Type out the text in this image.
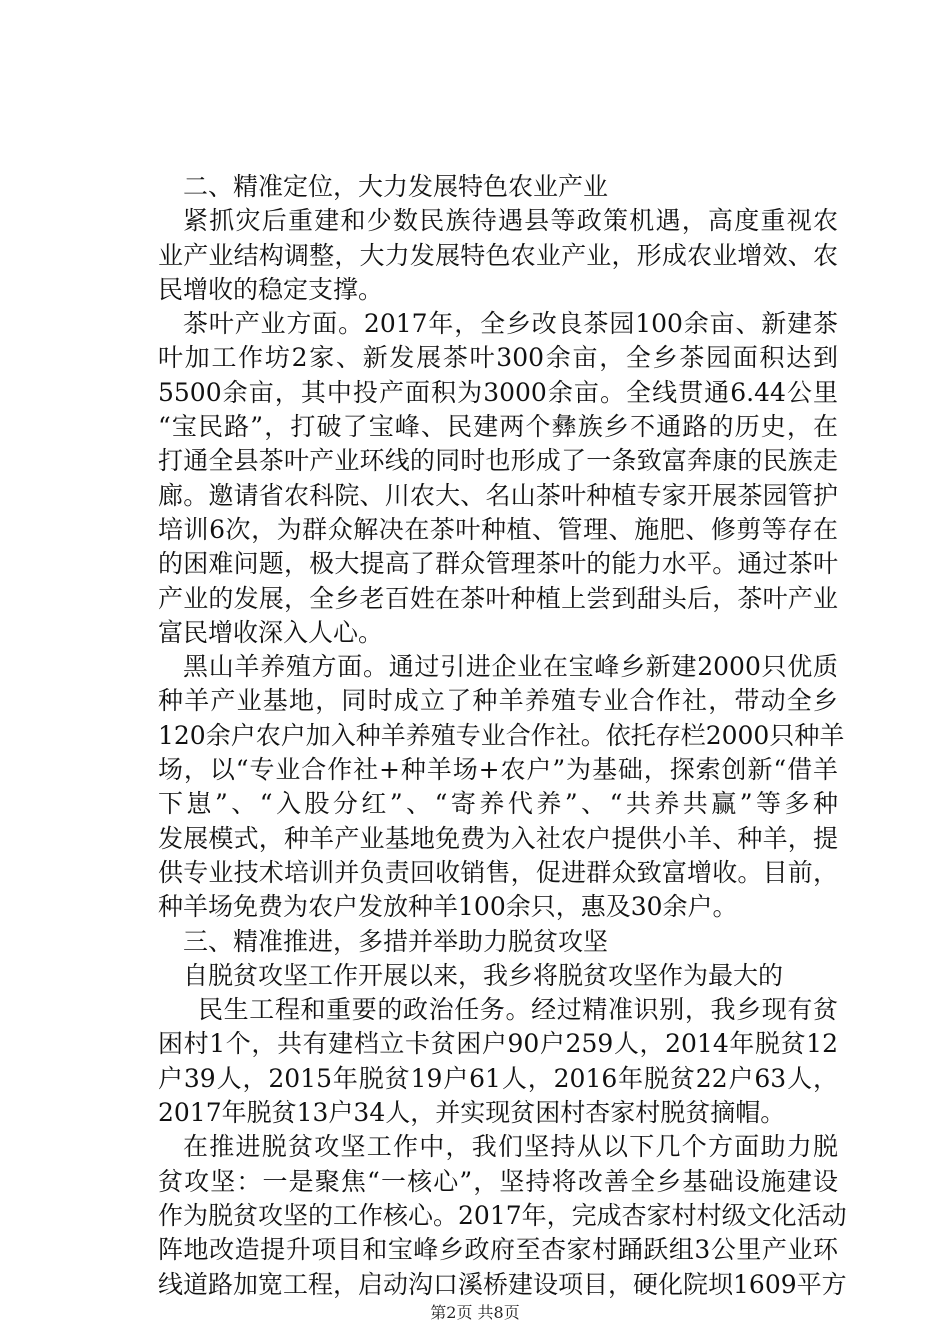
二、精准定位，大力发展特色农业产业
紧抓灾后重建和少数民族待遇县等政策机遇，高度重视农
业产业结构调整，大力发展特色农业产业，形成农业增效、农
民增收的稳定支撑。
茶叶产业方面。2017年，全乡改良茶园100余亩、新建茶
叶加工作坊2家、新发展茶叶300余亩，全乡茶园面积达到
5500余亩，其中投产面积为3000余亩。全线贯通6.44公里
“宝民路”，打破了宝峰、民建两个彝族乡不通路的历史，在
打通全县茶叶产业环线的同时也形成了一条致富奔康的民族走
廊。邀请省农科院、川农大、名山茶叶种植专家开展茶园管护
培训6次，为群众解决在茶叶种植、管理、施肥、修剪等存在
的困难问题，极大提高了群众管理茶叶的能力水平。通过茶叶
产业的发展，全乡老百姓在茶叶种植上尝到甜头后，茶叶产业
富民增收深入人心。
黑山羊养殖方面。通过引进企业在宝峰乡新建2000只优质
种羊产业基地，同时成立了种羊养殖专业合作社，带动全乡
120余户农户加入种羊养殖专业合作社。依托存栏2000只种羊
场，以“专业合作社+种羊场+农户”为基础，探索创新“借羊
下崽”、“入股分红”、“寄养代养”、“共养共赢”等多种
发展模式，种羊产业基地免费为入社农户提供小羊、种羊，提
供专业技术培训并负责回收销售，促进群众致富增收。目前，
种羊场免费为农户发放种羊100余只，惠及30余户。
三、精准推进，多措并举助力脱贫攻坚
自脱贫攻坚工作开展以来，我乡将脱贫攻坚作为最大的
民生工程和重要的政治任务。经过精准识别，我乡现有贫
困村1个，共有建档立卡贫困户90户259人，2014年脱贫12
户39人，2015年脱贫19户61人，2016年脱贫22户63人，
2017年脱贫13户34人，并实现贫困村杏家村脱贫摘帽。
在推进脱贫攻坚工作中，我们坚持从以下几个方面助力脱
贫攻坚：一是聚焦“一核心”，坚持将改善全乡基础设施建设
作为脱贫攻坚的工作核心。2017年，完成杏家村村级文化活动
阵地改造提升项目和宝峰乡政府至杏家村踊跃组3公里产业环
线道路加宽工程，启动沟口溪桥建设项目，硬化院坝1609平方
第2页 共8页
